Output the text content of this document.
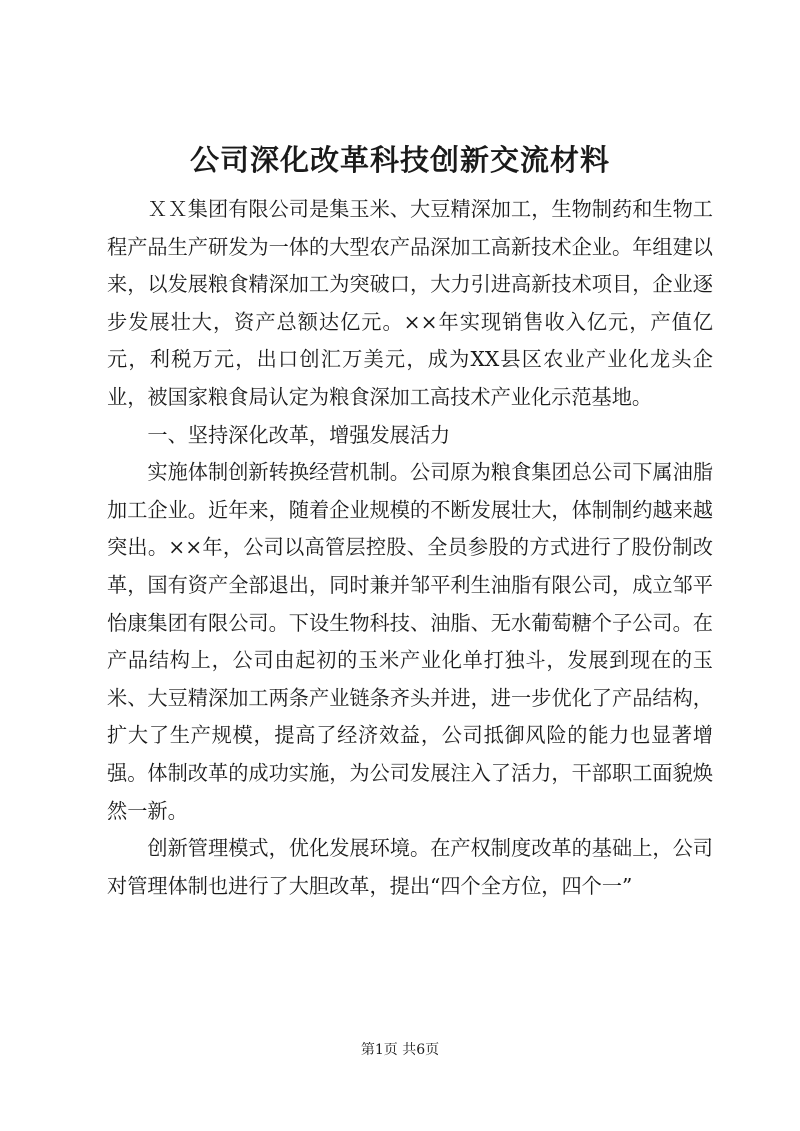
公司深化改革科技创新交流材料

ＸＸ集团有限公司是集玉米、大豆精深加工，生物制药和生物工程产品生产研发为一体的大型农产品深加工高新技术企业。年组建以来，以发展粮食精深加工为突破口，大力引进高新技术项目，企业逐步发展壮大，资产总额达亿元。××年实现销售收入亿元，产值亿元，利税万元，出口创汇万美元，成为XX县区农业产业化龙头企业，被国家粮食局认定为粮食深加工高技术产业化示范基地。

一、坚持深化改革，增强发展活力

实施体制创新转换经营机制。公司原为粮食集团总公司下属油脂加工企业。近年来，随着企业规模的不断发展壮大，体制制约越来越突出。××年，公司以高管层控股、全员参股的方式进行了股份制改革，国有资产全部退出，同时兼并邹平利生油脂有限公司，成立邹平怡康集团有限公司。下设生物科技、油脂、无水葡萄糖个子公司。在产品结构上，公司由起初的玉米产业化单打独斗，发展到现在的玉米、大豆精深加工两条产业链条齐头并进，进一步优化了产品结构，扩大了生产规模，提高了经济效益，公司抵御风险的能力也显著增强。体制改革的成功实施，为公司发展注入了活力，干部职工面貌焕然一新。

创新管理模式，优化发展环境。在产权制度改革的基础上，公司对管理体制也进行了大胆改革，提出“四个全方位，四个一”

第1页 共6页
